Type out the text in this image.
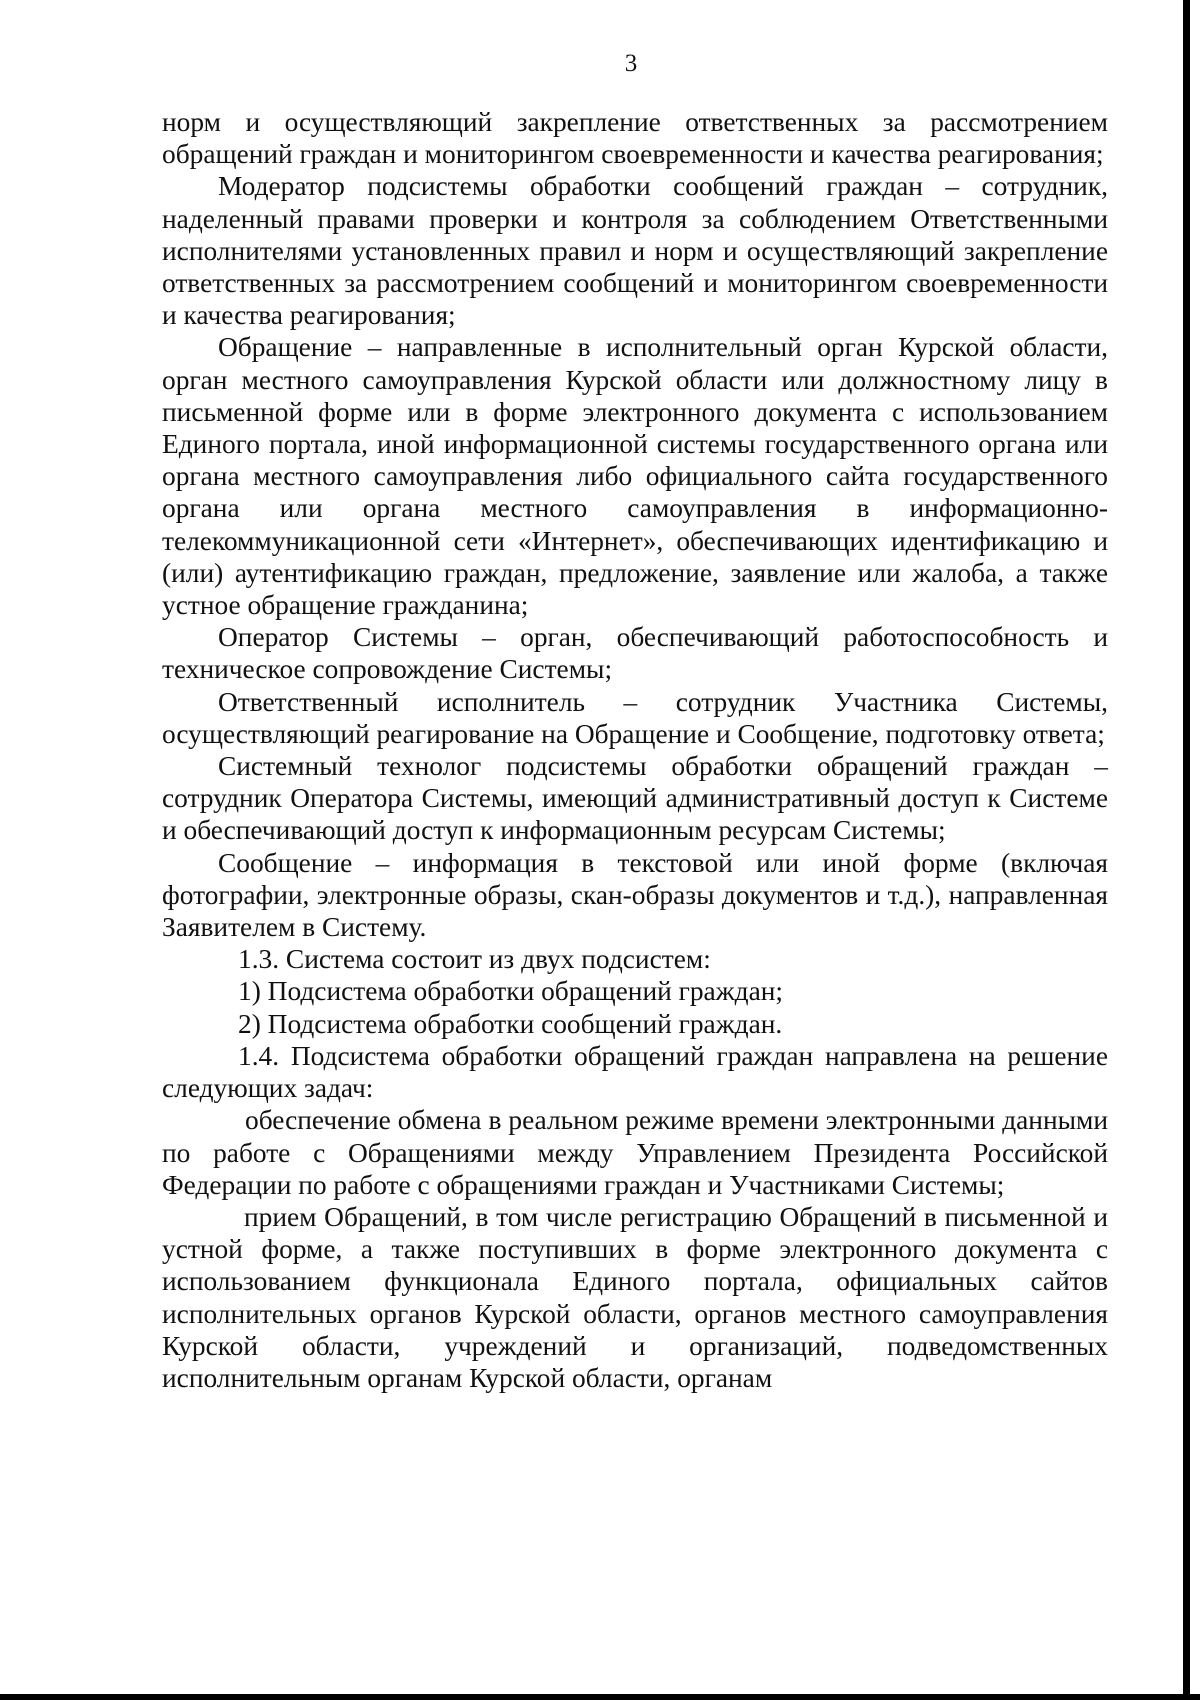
3

норм и осуществляющий закрепление ответственных за рассмотрением обращений граждан и мониторингом своевременности и качества реагирования;

Модератор подсистемы обработки сообщений граждан – сотрудник, наделенный правами проверки и контроля за соблюдением Ответственными исполнителями установленных правил и норм и осуществляющий закрепление ответственных за рассмотрением сообщений и мониторингом своевременности и качества реагирования;

Обращение – направленные в исполнительный орган Курской области, орган местного самоуправления Курской области или должностному лицу в письменной форме или в форме электронного документа с использованием Единого портала, иной информационной системы государственного органа или органа местного самоуправления либо официального сайта государственного органа или органа местного самоуправления в информационно-телекоммуникационной сети «Интернет», обеспечивающих идентификацию и (или) аутентификацию граждан, предложение, заявление или жалоба, а также устное обращение гражданина;

Оператор Системы – орган, обеспечивающий работоспособность и техническое сопровождение Системы;

Ответственный исполнитель – сотрудник Участника Системы, осуществляющий реагирование на Обращение и Сообщение, подготовку ответа;

Системный технолог подсистемы обработки обращений граждан – сотрудник Оператора Системы, имеющий административный доступ к Системе и обеспечивающий доступ к информационным ресурсам Системы;

Сообщение – информация в текстовой или иной форме (включая фотографии, электронные образы, скан-образы документов и т.д.), направленная Заявителем в Систему.

1.3. Система состоит из двух подсистем:

1) Подсистема обработки обращений граждан;

2) Подсистема обработки сообщений граждан.

1.4. Подсистема обработки обращений граждан направлена на решение следующих задач:

обеспечение обмена в реальном режиме времени электронными данными по работе с Обращениями между Управлением Президента Российской Федерации по работе с обращениями граждан и Участниками Системы;

прием Обращений, в том числе регистрацию Обращений в письменной и устной форме, а также поступивших в форме электронного документа с использованием функционала Единого портала, официальных сайтов исполнительных органов Курской области, органов местного самоуправления Курской области, учреждений и организаций, подведомственных исполнительным органам Курской области, органам
